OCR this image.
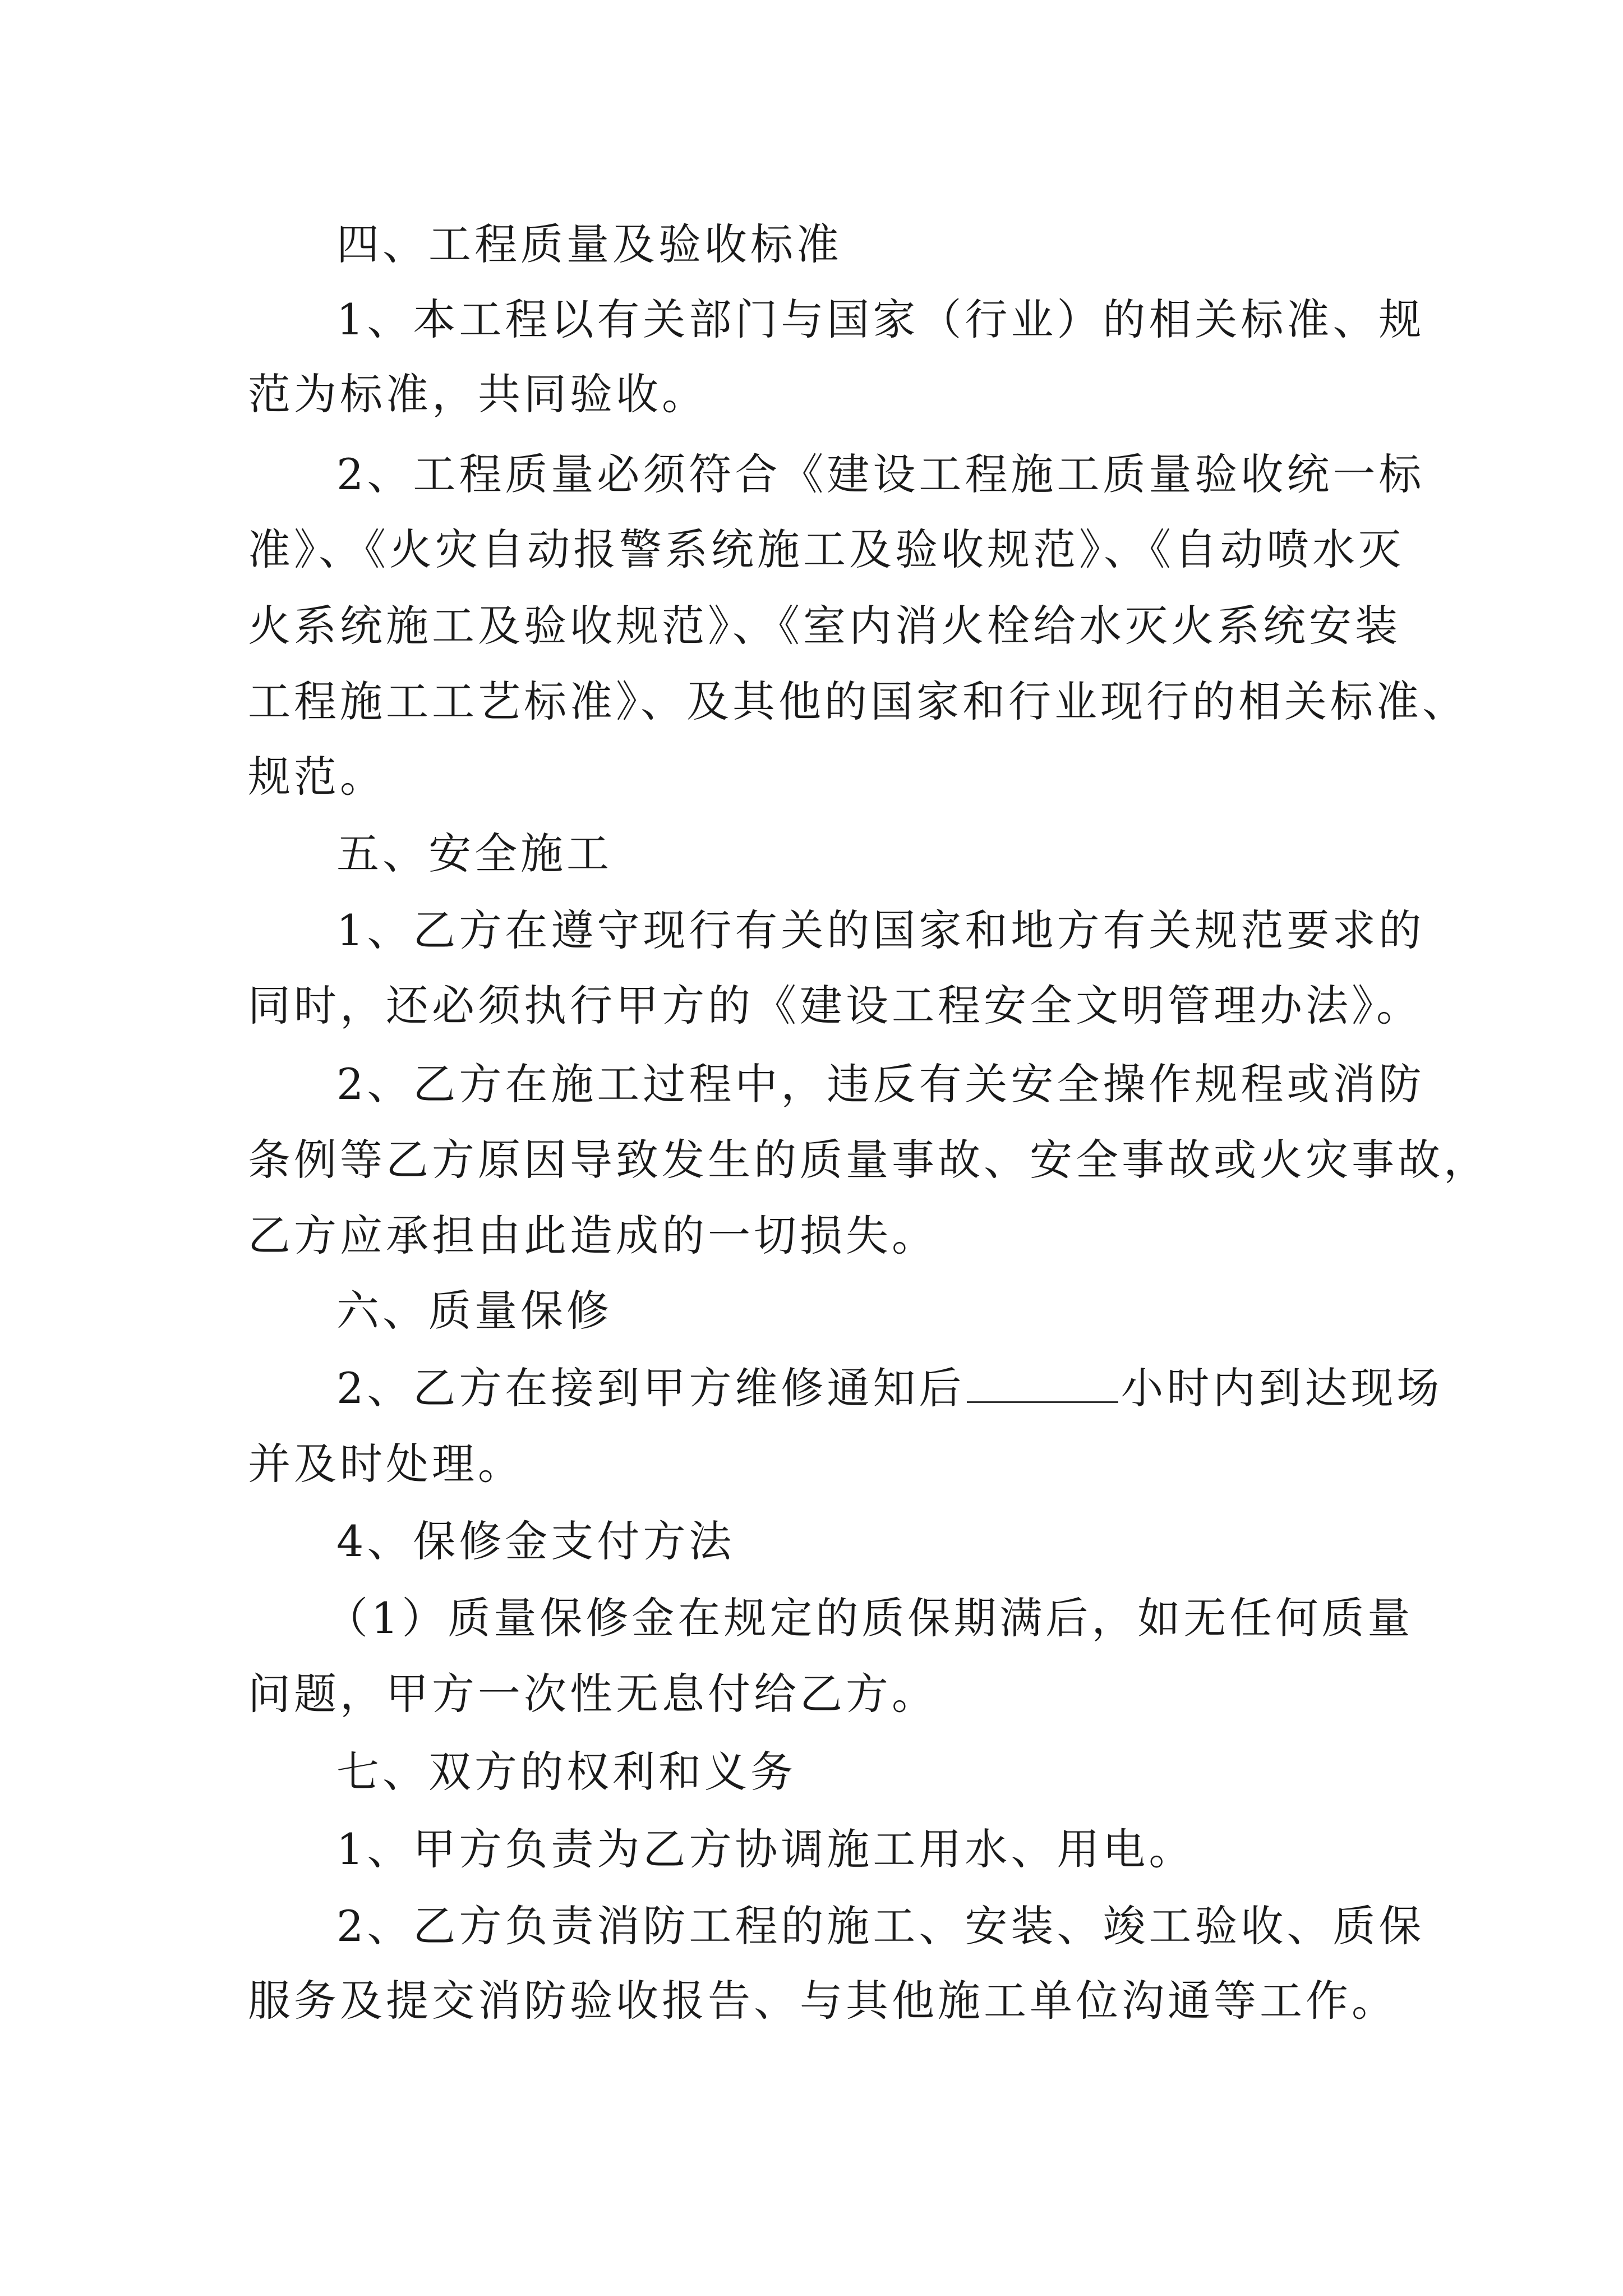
四、工程质量及验收标准
1、本工程以有关部门与国家（行业）的相关标准、规
范为标准，共同验收。
2、工程质量必须符合《建设工程施工质量验收统一标
准》、《火灾自动报警系统施工及验收规范》、《自动喷水灭
火系统施工及验收规范》、《室内消火栓给水灭火系统安装
工程施工工艺标准》、及其他的国家和行业现行的相关标准、
规范。
五、安全施工
1、乙方在遵守现行有关的国家和地方有关规范要求的
同时，还必须执行甲方的《建设工程安全文明管理办法》。
2、乙方在施工过程中，违反有关安全操作规程或消防
条例等乙方原因导致发生的质量事故、安全事故或火灾事故，
乙方应承担由此造成的一切损失。
六、质量保修
2、乙方在接到甲方维修通知后	小时内到达现场
并及时处理。
4、保修金支付方法
（1）质量保修金在规定的质保期满后，如无任何质量
问题，甲方一次性无息付给乙方。
七、双方的权利和义务
1、甲方负责为乙方协调施工用水、用电。
2、乙方负责消防工程的施工、安装、竣工验收、质保
服务及提交消防验收报告、与其他施工单位沟通等工作。
